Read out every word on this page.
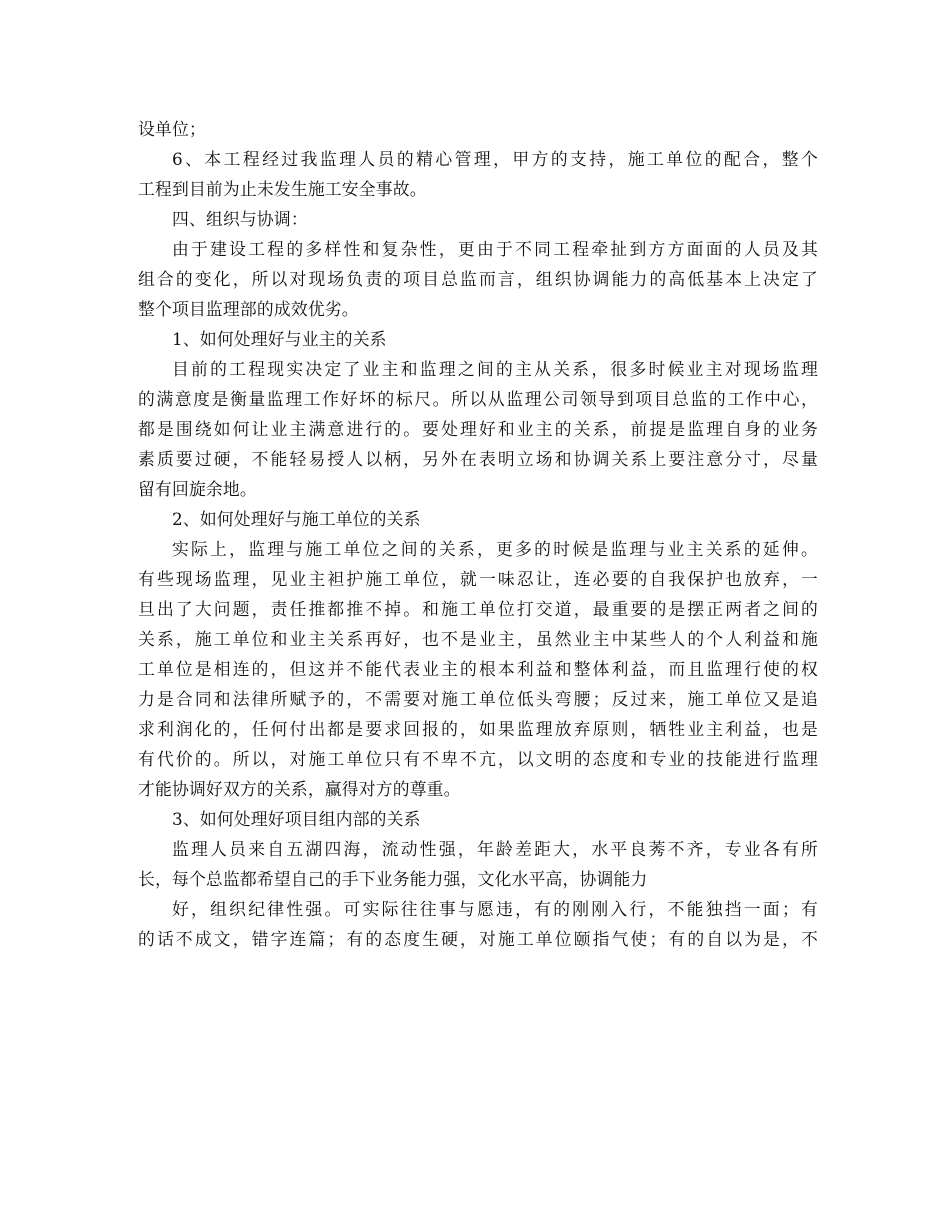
设单位；
6、本工程经过我监理人员的精心管理，甲方的支持，施工单位的配合，整个
工程到目前为止未发生施工安全事故。
四、组织与协调：
由于建设工程的多样性和复杂性，更由于不同工程牵扯到方方面面的人员及其
组合的变化，所以对现场负责的项目总监而言，组织协调能力的高低基本上决定了
整个项目监理部的成效优劣。
1、如何处理好与业主的关系
目前的工程现实决定了业主和监理之间的主从关系，很多时候业主对现场监理
的满意度是衡量监理工作好坏的标尺。所以从监理公司领导到项目总监的工作中心，
都是围绕如何让业主满意进行的。要处理好和业主的关系，前提是监理自身的业务
素质要过硬，不能轻易授人以柄，另外在表明立场和协调关系上要注意分寸，尽量
留有回旋余地。
2、如何处理好与施工单位的关系
实际上，监理与施工单位之间的关系，更多的时候是监理与业主关系的延伸。
有些现场监理，见业主袒护施工单位，就一味忍让，连必要的自我保护也放弃，一
旦出了大问题，责任推都推不掉。和施工单位打交道，最重要的是摆正两者之间的
关系，施工单位和业主关系再好，也不是业主，虽然业主中某些人的个人利益和施
工单位是相连的，但这并不能代表业主的根本利益和整体利益，而且监理行使的权
力是合同和法律所赋予的，不需要对施工单位低头弯腰；反过来，施工单位又是追
求利润化的，任何付出都是要求回报的，如果监理放弃原则，牺牲业主利益，也是
有代价的。所以，对施工单位只有不卑不亢，以文明的态度和专业的技能进行监理
才能协调好双方的关系，赢得对方的尊重。
3、如何处理好项目组内部的关系
监理人员来自五湖四海，流动性强，年龄差距大，水平良莠不齐，专业各有所
长，每个总监都希望自己的手下业务能力强，文化水平高，协调能力
好，组织纪律性强。可实际往往事与愿违，有的刚刚入行，不能独挡一面；有
的话不成文，错字连篇；有的态度生硬，对施工单位颐指气使；有的自以为是，不
